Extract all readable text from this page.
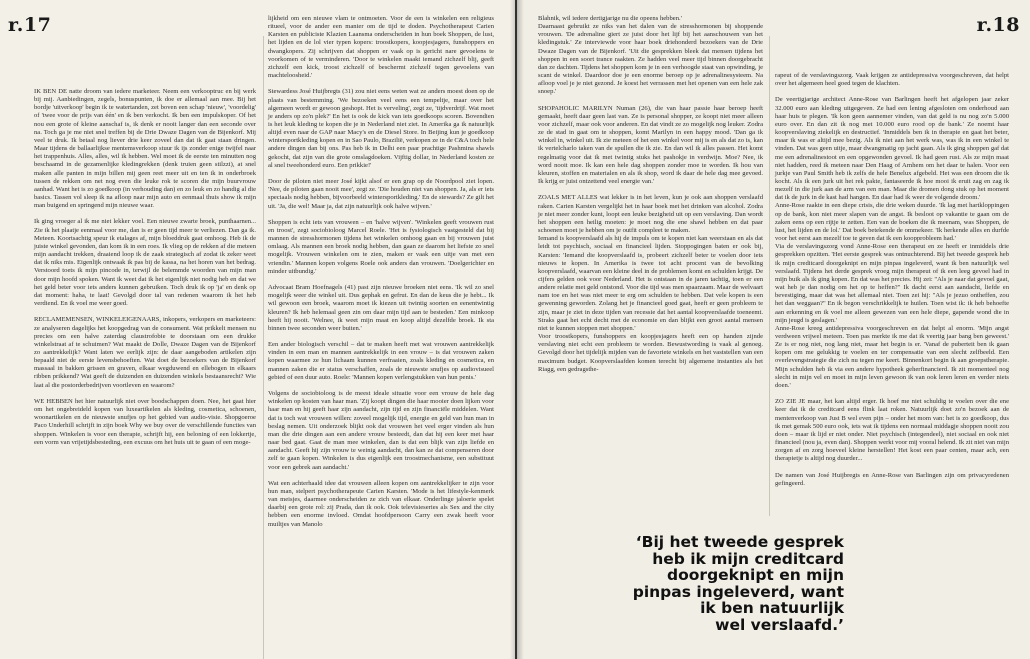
r.17

IK BEN DE natte droom van iedere marketeer. Neem een verkooptruc en bij werk bij mij. Aanbiedingen, zegels, bonuspunten, ik doe er allemaal aan mee. Bij het bordje 'uitverkoop' begin ik te watertanden, zet boven een schap 'nieuw', 'voordelig' of 'twee voor de prijs van één' en ik ben verkocht. Ik ben een impulskoper. Of het nou een grote of kleine aanschaf is, ik denk er nooit langer dan een seconde over na. Toch ga je me niet snel treffen bij de Drie Dwaze Dagen van de Bijenkorf. Mij veel te druk. Ik betaal nog liever drie keer zoveel dan dat ik gaat staan dringen. Maar tijdens de ballaarlijkse mentemsverkoop stuur ik ijs zonder enige twijfel naar het trappenhuis. Alles, alles, wil ik hebben. Wel moet ik de eerste ten minutten nog beschaamd in de gezamenlijke kledingrekken (denk truien geen stilzzi), at snel maken alle panten in mijn billen mij geen reet meer uit en ten ik in onderbroek tussen de rekken om net nog even die leuke rok te scoren die mijn buurvrouw aanhad. Want het is zo goedkoop (in verhouding dan) en zo leuk en zo handig al die basics. Tassen vol sleep ik na afloop naar mijn auto en eenmaal thuis show ik mijn man buigend en springend mijn nieuwe waar.

Ik ging vroeger al ik me niet lekker voel. Een nieuwe zwarte broek, punthaarnen... Zie ik het plaatje eenmaal voor me, dan is er geen tijd meer te verliezen. Dan ga ik. Meteen. Koortsachtig speur ik etalages af, mijn bloeddruk gaat omhoog. Heb ik de juiste winkel gevonden, dan kom ik in een roes. Ik vlieg op de rekken af die meteen mijn aandacht trekken, draaiend loop ik de zaak strategisch af zodat ik zeker weet dat ik niks mis. Eigenlijk ontwaak ik pas bij de kassa, na het horen van het bedrag. Verstoord toets ik mijn pincode in, terwijl de belemmde woorden van mijn man door mijn hoofd spoken. Want ik weet dat ik het eigenlijk niet nodig heb en dat we het geld beter voor iets anders kunnen gebruiken. Toch druk ik op 'ja' en denk op dat moment: haha, te laat! Gevolgd door tal van redenen waarom ik het heb verdiend. En ik voel me weer goed.

RECLAMEMENSEN, WINKELEIGENAARS, inkopers, verkopers en marketeers: ze analyseren dagelijks het koopgedrag van de consument. Wat prikkelt mensen nu precies om een halve zaterdag claustrofobie te doorstaan om een drukke winkelstraat af te schuimen? Wat maakt de Dolle, Dwaze Dagen van de Bijenkorf zo aantrekkelijk? Want laten we eerlijk zijn: de daar aangeboden artikelen zijn bepaald niet de eerste levensbehoeften. Wat doet de bezoekers van de Bijenkorf massaal in bakken grissen en graven, elkaar wegduwend en ellebogen in elkaars ribben prikkend? Wat geeft de duizenden en duizenden winkels bestaansrecht? Wie laat al die postorderbedrijven voortleven en waarom?

WE HEBBEN het hier natuurlijk niet over boodschappen doen. Nee, het gaat hier om het ongebreideld kopen van luxeartikelen als kleding, cosmetica, schoenen, woonartikelen en de nieuwste snufjes op het gebied van audio-visie. Shopgoeroe Paco Underhill schrijft in zijn boek Why we buy over de verschillende functies van shoppen. Winkelen is voor een therapie, schrijft hij, een beloning of een lokkertje, een vorm van vrijetijdsbesteding, een excuus om het huis uit te gaan of een moge-

lijkheid om een nieuwe vlam te ontmoeten. Voor de een is winkelen een religieus ritueel, voor de ander een manier om de tijd te doden. Psychotherapeut Carien Karsten en publiciste Klazien Laansma onderscheiden in hun boek Shoppen, de lust, het lijden en de lol vier typen kopers: troostkopers, koopjesjagers, funshoppers en dwangkopers. Zij schrijven dat shoppen er vaak op is gericht nare gevoelens te voorkomen of te verminderen. 'Door te winkelen maakt iemand zichzelf blij, geeft zichzelf een kick, troost zichzelf of beschermt zichzelf tegen gevoelens van machteloosheid.'

Stewardess José Huijbregts (31) zou niet eens weten wat ze anders moest doen op de plaats van bestemming. 'We bezoeken veel eens een tempeltje, maar over het algemeen wordt er gewoon geshopt. Het is verveling', zegt ze, 'tijdverdrijf. Wat moet je anders op zo'n plek?' En het is ook de kick van iets goedkoops scoren. Bovendien is het leuk kleding te kopen die je in Nederland niet ziet. In Amerika ga ik natuurlijk altijd even naar de GAP naar Macy's en de Diesel Store. In Beijing kun je goedkoop wintersportkleding kopen en in Sao Paulo, Brazilië, verkopen ze in de C&A toch hele andere dingen dan bij ons. Pas heb ik in Delhi een paar prachtige Pashmina shawls gekocht, dat zijn van die grote omslagdoeken. Vijftig dollar, in Nederland kosten ze al snel tweehonderd euro. Een prikkie!'

Door de piloten niet meer José kijkt alsof er een grap op de Noordpool ziet lopen. 'Nee, de piloten gaan nooit mee', zegt ze. 'Die houden niet van shoppen. Ja, als er iets speciaals nodig hebben, bijvoorbeeld wintersportkleding.' En de stewards? Ze gilt het uit. 'Ja, die wel! Maar ja, dat zijn natuurlijk ook halve wijven.'

Shoppen is echt iets van vrouwen – en 'halve wijven'. 'Winkelen geeft vrouwen rust en troost', zegt sociobioloog Marcel Roele. 'Het is fysiologisch vastgesteld dat bij mannen de stresshormonen tijdens het winkelen omhoog gaan en bij vrouwen juist omlaag. Als mannen een broek nodig hebben, dan gaan ze daarom het liefste zo snel mogelijk. Vrouwen winkelen om te zien, maken er vaak een uitje van met een vriendin.' Mannen kopen volgens Roele ook anders dan vrouwen. 'Doelgerichter en minder uitbundig.'

Advocaat Bram Hoefnagels (41) past zijn nieuwe broeken niet eens. 'Ik wil zo snel mogelijk weer die winkel uit. Dus gephak en gefrut. En dan de keus die je hebt... Ik wil gewoon een broek, waarom moet ik kiezen uit twintig soorten en eenentwintig kleuren? Ik heb helemaal geen zin om daar mijn tijd aan te besteden.' Een minkoop heeft hij nooit. 'Welnee, ik weet mijn maat en koop altijd dezelfde broek. Ik sta binnen twee seconden weer buiten.'

Een ander biologisch verschil – dat te maken heeft met wat vrouwen aantrekkelijk vinden in een man en mannen aantrekkelijk in een vrouw – is dat vrouwen zaken kopen waarmee ze hun lichaam kunnen verfraaien, zoals kleding en cosmetica, en mannen zaken die er status verschaffen, zoals de nieuwste snufjes op audiovisueel gebied of een duur auto. Roele: 'Mannen kopen verlengstukken van hun penis.'

Volgens de sociobioloog is de meest ideale situatie voor een vrouw de hele dag winkelen op kosten van haar man. 'Zij koopt dingen die haar mooier doen lijken voor haar man en hij geeft haar zijn aandacht, zijn tijd en zijn financiële middelen. Want dat is toch wat vrouwen willen: zoveel mogelijk tijd, energie en geld van hun man in beslag nemen. Uit onderzoek blijkt ook dat vrouwen het veel erger vinden als hun man die drie dingen aan een andere vrouw besteedt, dan dat hij een keer met haar naar bed gaat. Gaat de man mee winkelen, dan is dat een blijk van zijn liefde en aandacht. Geeft hij zijn vrouw te weinig aandacht, dan kan ze dat compenseren door zelf te gaan kopen. Winkelen is dus eigenlijk een troostmechanisme, een substituut voor een gebrek aan aandacht.'

Wat een achterhaald idee dat vrouwen alleen kopen om aantrekkelijker te zijn voor hun man, stelpert psychotherapeute Carien Karsten. 'Mode is het lifestyle-kenmerk van meisjes, daarmee onderscheiden ze zich van elkaar. Onderlinge jaloerie spelet daarbij een grote rol: zij Prada, dan ik ook. Ook televisieseries als Sex and the city hebben een enorme invloed. Omdat hoofdpersoon Carry een zwak heeft voor muiltjes van Manolo

r.18

Blahnik, wil iedere dertigjarige nu die opeens hebben.'

Daarnaast gebruikt ze niks van het dalen van de stresshormonen bij shoppende vrouwen. 'De adrenaline giert ze juist door het lijf bij het aanschouwen van het kledingstuk.' Ze interviewde voor haar boek driehonderd bezoekers van de Drie Dwaze Dagen van de Bijenkorf. 'Uit die gesprekken bleek dat mensen tijdens het shoppen in een soort trance raakten. Ze hadden veel meer tijd binnen doorgebracht dan ze dachten. Tijdens het shoppen kom je in een verhoogde staat van opwinding, je scant de winkel. Daardoor doe je een enorme beroep op je adrenalinesysteem. Na afloop voel je je niet gezond. Je koest het verrassen met het openen van een hele zak snoep.'

SHOPAHOLIC MARILYN Numan (26), die van haar passie haar beroep heeft gemaakt, heeft daar geen last van. Ze is personal shopper, ze koopt niet meer alleen voor zichzelf, maar ook voor anderen. En dat vindt ze zo mogelijk nog leuker. Zodra ze de stad in gaat om te shoppen, komt Marilyn in een happy mood. 'Dan ga ik winkel in, winkel uit. Ik zie meteen of het een winkel voor mij is en als dat zo is, kan ik vertelcharlo taken van de spullen die ik zie. En dan wil ik alles passen. Het komt regelmatig voor dat ik met twintig stuks het pashokje in verdwijn. Moe? Nee, ik word nooit moe. Ik kan een hele dag shoppen zonder moe te worden. Ik hou van kleuren, stoffen en materialen en als ik shop, word ik daar de hele dag mee gevoed. Ik krijg er juist ontzettend veel energie van.'

ZOALS MET ALLES wat lekker is in het leven, kun je ook aan shoppen verslaafd raken. Carien Karsten vergelijkt het in haar boek met het drinken van alcohol. Zodra je niet meer zonder kunt, loopt een leuke bezigheid uit op een verslaving. Dan wordt het shoppen een heilig moeten: je moet nog die ene shawl hebben en dat paar schoenen moet je hebben om je outfit compleet te maken.

Iemand is koopverslaafd als hij de impuls om te kopen niet kan weerstaan en als dat leidt tot psychisch, sociaal en financieel lijden. Stoppogingen baten er ook bij, Karsten: 'Iemand die koopverslaafd is, probeert zichzelf beter te voelen door iets nieuws te kopen. In Amerika is twee tot acht procent van de bevolking koopverslaafd, waarvan een kleine deel in de problemen komt en schulden krijgt. De cijfers gelden ook voor Nederland. Het is ontstaan in de jaren tachtig, toen er een andere relatie met geld ontstond. Voor die tijd was men spaarzaam. Maar de welvaart nam toe en het was niet meer te erg om schulden te hebben. Dat vele kopen is een gewenning geworden. Zolang het je financieel goed gaat, heeft er geen probleem te zijn, maar je ziet in deze tijden van recessie dat het aantal koopverslaafde toeneemt. Straks gaat het echt decht met de economie en dan blijkt een groot aantal mensen niet te kunnen stoppen met shoppen.'

Voor troostkopers, funshoppers en koopjesjagers heeft een op handen zijnde verslaving niet echt een probleem te worden. Bewustwording is vaak al genoeg. Gevolgd door het tijdelijk mijden van de favoriete winkels en het vaststellen van een maximum budget. Koopverslaafden komen terecht bij algemene instanties als het Riagg, een gedragsthe-

rapeut of de verslavingszorg. Vaak krijgen ze antidepressiva voorgeschreven, dat helpt over het algemeen heel goed tegen de klachten.

De veertigjarige architect Anne-Rose van Barlingen heeft het afgelopen jaar zeker 32.000 euro aan kleding uitgegeven. Ze had een lening afgesloten om onderhoud aan haar huis te plegen. 'Ik kon geen aannemer vinden, van dat geld is nu nog zo'n 5.000 euro over. En dan zit ik nog met 10.000 euro rood op de bank.' Ze noemt haar koopverslaving ziekelijk en destructief. 'Inmiddels ben ik in therapie en gaat het beter, maar ik was er altijd mee bezig. Als ik niet aan het werk was, was ik in een winkel te vinden. Dat was geen uitje, maar dwangmatig op jacht gaan. Als ik ging shoppen gaf dat me een adrenalinestoot en een opgewonden gevoel. Ik had geen rust. Als ze mijn maat niet hadden, reed ik meteen naar Den Haag of Arnhem om het daar te halen. Voor een jurkje van Paul Smith heb ik zelfs de hele Benelux afgebeld. Het was een droom die ik kocht. Als ik een jurk uit het rek pakte, fantaseerde ik hoe mooi ik eruit zag en zag ik mezelf in die jurk aan de arm van een man. Maar die dromen dong stuk op het moment dat ik de jurk in de kast had hangen. En daar had ik weer de volgende droom.'

Anne-Rose raakte in een diepe crisis, die drie weken duurde. 'Ik lag met hartkloppingen op de bank, kon niet meer slapen van de angst. Ik besloot op vakantie te gaan om de zaken eens op een rijtje te zetten. Een van de boeken die ik meenam, was Shoppen, de lust, het lijden en de lol.' Dat boek betekende de ommekeer. 'Ik herkende alles en durfde voor het eerst aan mezelf toe te geven dat ik een koopprobleem had.'

Via de verslavingszorg vond Anne-Rose een therapeut en ze heeft er inmiddels drie gesprekken opzitten. 'Het eerste gesprek was ontnuchterend. Bij het tweede gesprek heb ik mijn creditcard doorgeknipt en mijn pinpas ingeleverd, want ik ben natuurlijk wel verslaafd. Tijdens het derde gesprek vroeg mijn therapeut of ik een leeg gevoel had in mijn buik als ik ging kopen. En dat was het precies. Hij zei: "Als je naar dat gevoel gaat, wat heb je dan nodig om het op te heffen?" Ik dacht eerst aan aandacht, liefde en bevestiging, maar dat was het allemaal niet. Toen zei hij: "Als je jezuo ontheffen, zou het dan weggaan?" En ik begon verschrikkelijk te huilen. Toen wist ik: ik heb behoefte aan erkenning en ik voel me alleen gewezen van een hele diepe, gapende wond die in mijn jeugd is geslagen.'

Anne-Rose kreeg antidepressiva voorgeschreven en dat helpt al enorm. 'Mijn angst verdween vrijwel meteen. Toen pas merkte ik me dat ik veertig jaar bang ben geweest.' Ze is er nog niet, nog lang niet, maar het begin is er. 'Vanaf de puberteit ben ik gaan kopen om me gelukkig te voelen en ter compensatie van een slecht zelfbeeld. Een overlevengstrategie die zich nu tegen me keert. Binnenkort begin ik aan groepstherapie. Mijn schulden heb ik via een andere hypotheek geherfinancierd. Ik zit momenteel nog slecht in mijn vel en moet in mijn leven gewoon ik van ook leren leren en verder niets doen.'

ZO ZIE JE maar, het kan altijd erger. Ik hoef me niet schuldig te voelen over die ene keer dat ik de creditcard eens flink laat roken. Natuurlijk doet zo'n bezoek aan de mentenverkoop van Just B wel even pijn – onder het mom van: het is zo goedkoop, dus ik met gemak 500 euro ook, iets wat ik tijdens een normaal middagje shoppen nooit zou doen – maar ik lijd er niet onder. Niet psychisch (integendeel), niet sociaal en ook niet financieel (nou ja, even dan). Shoppen werkt voor mij vooral helend. Ik zit niet van mijn zorgen af en zorg hoeveel kleine herstellen! Het kost een paar centen, maar ach, een therapietje is altijd nog duurder...

De namen van José Huijbregts en Anne-Rose van Barlingen zijn om privacyredenen gefingeerd.

‘Bij het tweede gesprek
heb ik mijn creditcard
doorgeknipt en mijn
pinpas ingeleverd, want
ik ben natuurlijk
wel verslaafd.’
